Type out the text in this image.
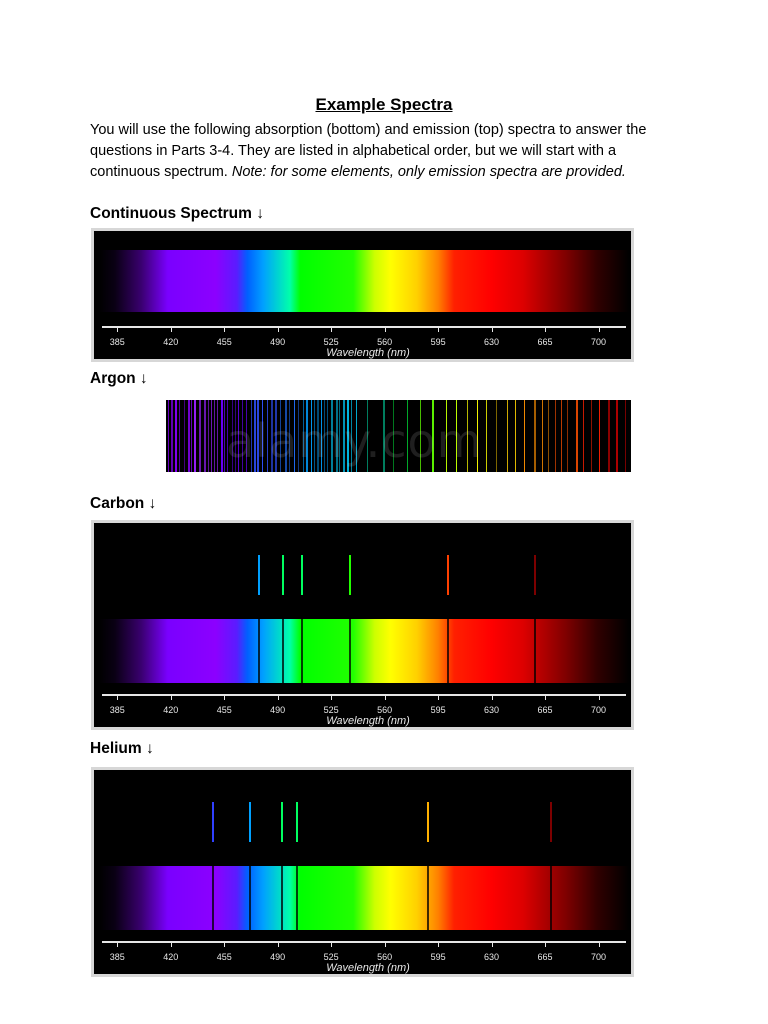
Example Spectra
You will use the following absorption (bottom) and emission (top) spectra to answer the questions in Parts 3-4. They are listed in alphabetical order, but we will start with a continuous spectrum. Note: for some elements, only emission spectra are provided.
Continuous Spectrum ↓
385	420	455	490	525	560	595	630	665	700
Wavelength (nm)
Argon ↓
alamy.com
Carbon ↓
385	420	455	490	525	560	595	630	665	700
Wavelength (nm)
Helium ↓
385	420	455	490	525	560	595	630	665	700
Wavelength (nm)
